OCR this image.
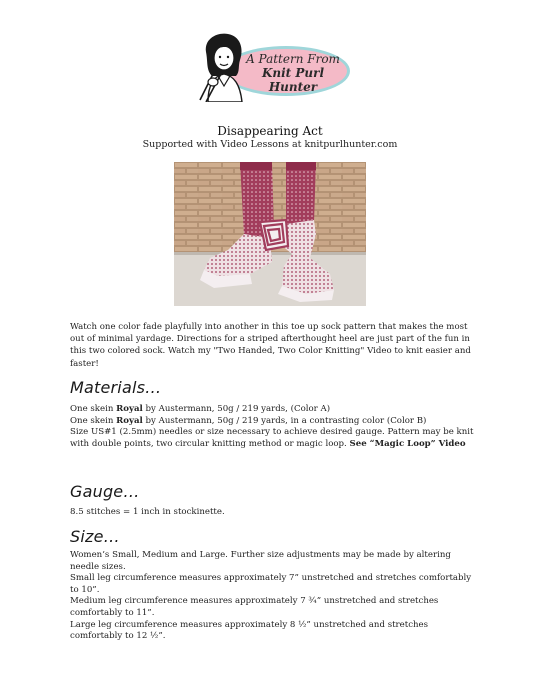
A Pattern From
Knit Purl Hunter
Disappearing Act
Supported with Video Lessons at knitpurlhunter.com
Watch one color fade playfully into another in this toe up sock pattern that makes the most out of minimal yardage. Directions for a striped afterthought heel are just part of the fun in this two colored sock. Watch my "Two Handed, Two Color Knitting" Video to knit easier and faster!
Materials…
One skein Royal by Austermann, 50g / 219 yards, (Color A)
One skein Royal by Austermann, 50g / 219 yards, in a contrasting color (Color B)
Size US#1 (2.5mm) needles or size necessary to achieve desired gauge. Pattern may be knit with double points, two circular knitting method or magic loop. See “Magic Loop” Video
Gauge…
8.5 stitches = 1 inch in stockinette.
Size…
Women’s Small, Medium and Large. Further size adjustments may be made by altering needle sizes.
Small leg circumference measures approximately 7” unstretched and stretches comfortably to 10”.
Medium leg circumference measures approximately 7 ¾” unstretched and stretches comfortably to 11”.
Large leg circumference measures approximately 8 ½” unstretched and stretches comfortably to 12 ½”.
